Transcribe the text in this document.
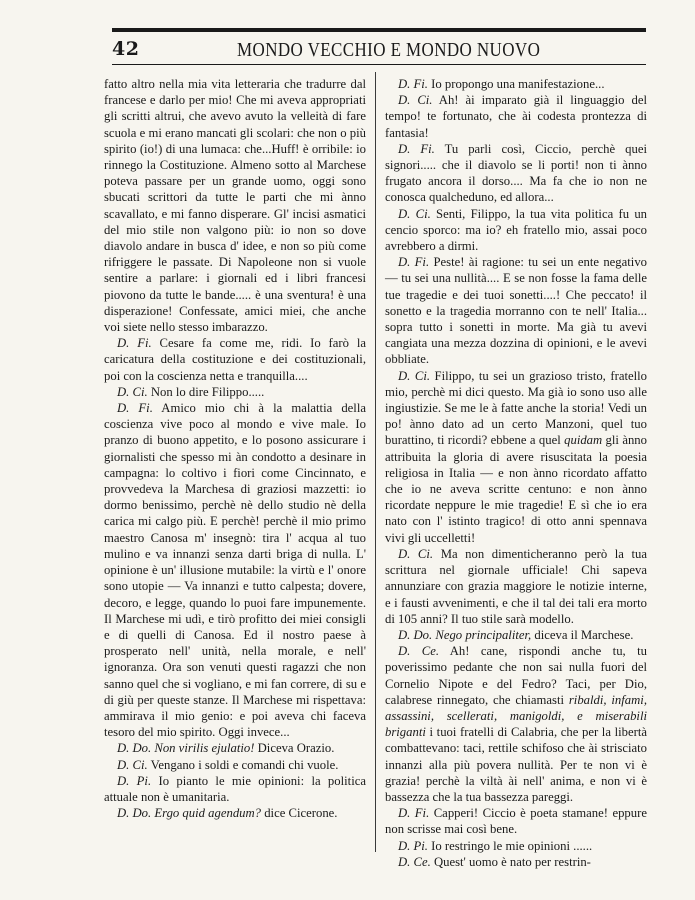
42	MONDO VECCHIO E MONDO NUOVO

fatto altro nella mia vita letteraria che tradurre dal francese e darlo per mio! Che mi aveva appropriati gli scritti altrui, che avevo avuto la velleità di fare scuola e mi erano mancati gli scolari: che non o più spirito (io!) di una lumaca: che...Huff! è orribile: io rinnego la Costituzione. Almeno sotto al Marchese poteva passare per un grande uomo, oggi sono sbucati scrittori da tutte le parti che mi ànno scavallato, e mi fanno disperare. Gl' incisi asmatici del mio stile non valgono più: io non so dove diavolo andare in busca d' idee, e non so più come rifriggere le passate. Di Napoleone non si vuole sentire a parlare: i giornali ed i libri francesi piovono da tutte le bande..... è una sventura! è una disperazione! Confessate, amici miei, che anche voi siete nello stesso imbarazzo.

D. Fi. Cesare fa come me, ridi. Io farò la caricatura della costituzione e dei costituzionali, poi con la coscienza netta e tranquilla....

D. Ci. Non lo dire Filippo.....

D. Fi. Amico mio chi à la malattia della coscienza vive poco al mondo e vive male. Io pranzo di buono appetito, e lo posono assicurare i giornalisti che spesso mi àn condotto a desinare in campagna: lo coltivo i fiori come Cincinnato, e provvedeva la Marchesa di graziosi mazzetti: io dormo benissimo, perchè nè dello studio nè della carica mi calgo più. E perchè! perchè il mio primo maestro Canosa m' insegnò: tira l' acqua al tuo mulino e va innanzi senza darti briga di nulla. L' opinione è un' illusione mutabile: la virtù e l' onore sono utopie — Va innanzi e tutto calpesta; dovere, decoro, e legge, quando lo puoi fare impunemente. Il Marchese mi udì, e tirò profitto dei miei consigli e di quelli di Canosa. Ed il nostro paese à prosperato nell' unità, nella morale, e nell' ignoranza. Ora son venuti questi ragazzi che non sanno quel che si vogliano, e mi fan correre, di su e di giù per queste stanze. Il Marchese mi rispettava: ammirava il mio genio: e poi aveva chi faceva tesoro del mio spirito. Oggi invece...

D. Do. Non virilis ejulatio! Diceva Orazio.

D. Ci. Vengano i soldi e comandi chi vuole.

D. Pi. Io pianto le mie opinioni: la politica attuale non è umanitaria.

D. Do. Ergo quid agendum? dice Cicerone.

D. Fi. Io propongo una manifestazione...

D. Ci. Ah! ài imparato già il linguaggio del tempo! te fortunato, che ài codesta prontezza di fantasia!

D. Fi. Tu parli così, Ciccio, perchè quei signori..... che il diavolo se li porti! non ti ànno frugato ancora il dorso.... Ma fa che io non ne conosca qualcheduno, ed allora...

D. Ci. Senti, Filippo, la tua vita politica fu un cencio sporco: ma io? eh fratello mio, assai poco avrebbero a dirmi.

D. Fi. Peste! ài ragione: tu sei un ente negativo — tu sei una nullità.... E se non fosse la fama delle tue tragedie e dei tuoi sonetti....! Che peccato! il sonetto e la tragedia morranno con te nell' Italia... sopra tutto i sonetti in morte. Ma già tu avevi cangiata una mezza dozzina di opinioni, e le avevi obbliate.

D. Ci. Filippo, tu sei un grazioso tristo, fratello mio, perchè mi dici questo. Ma già io sono uso alle ingiustizie. Se me le à fatte anche la storia! Vedi un po! ànno dato ad un certo Manzoni, quel tuo burattino, ti ricordi? ebbene a quel quidam gli ànno attribuita la gloria di avere risuscitata la poesia religiosa in Italia — e non ànno ricordato affatto che io ne aveva scritte centuno: e non ànno ricordate neppure le mie tragedie! E sì che io era nato con l' istinto tragico! di otto anni spennava vivi gli uccelletti!

D. Ci. Ma non dimenticheranno però la tua scrittura nel giornale ufficiale! Chi sapeva annunziare con grazia maggiore le notizie interne, e i fausti avvenimenti, e che il tal dei tali era morto di 105 anni? Il tuo stile sarà modello.

D. Do. Nego principaliter, diceva il Marchese.

D. Ce. Ah! cane, rispondi anche tu, tu poverissimo pedante che non sai nulla fuori del Cornelio Nipote e del Fedro? Taci, per Dio, calabrese rinnegato, che chiamasti ribaldi, infami, assassini, scellerati, manigoldi, e miserabili briganti i tuoi fratelli di Calabria, che per la libertà combattevano: taci, rettile schifoso che ài strisciato innanzi alla più povera nullità. Per te non vi è grazia! perchè la viltà ài nell' anima, e non vi è bassezza che la tua bassezza pareggi.

D. Fi. Capperi! Ciccio è poeta stamane! eppure non scrisse mai così bene.

D. Pi. Io restringo le mie opinioni ......

D. Ce. Quest' uomo è nato per restrin-
